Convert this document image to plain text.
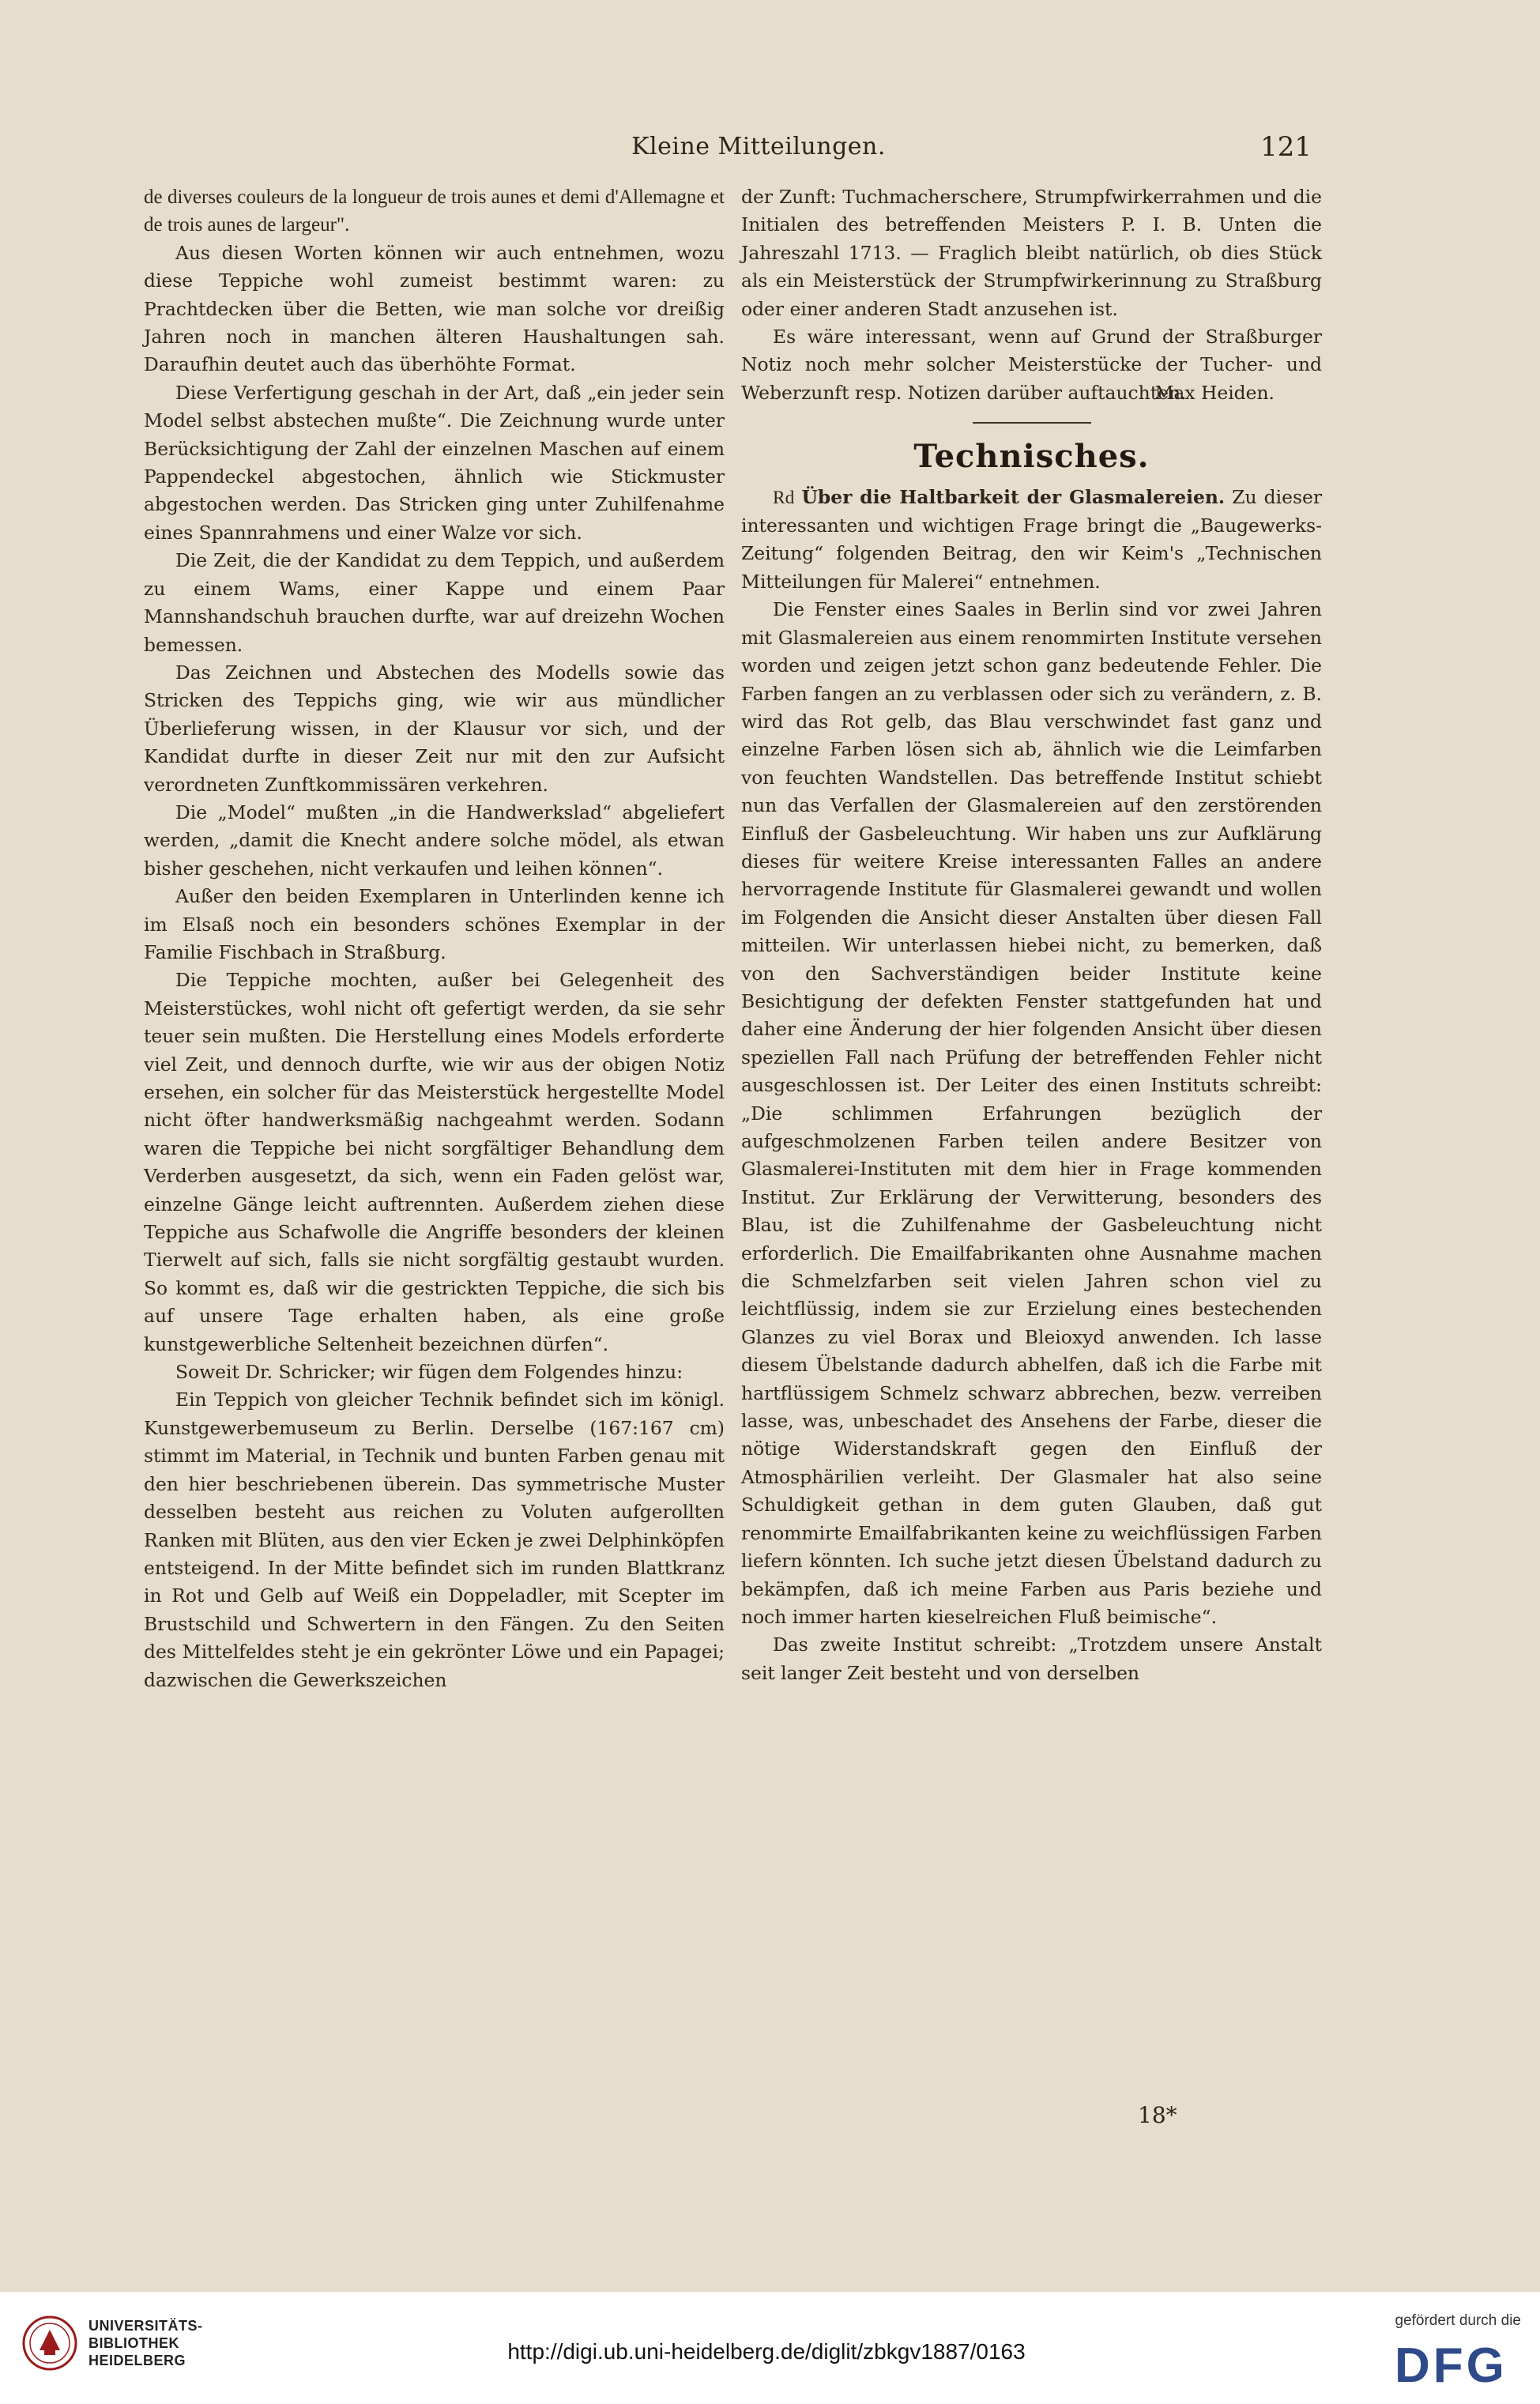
Kleine Mitteilungen.	121

de diverses couleurs de la longueur de trois aunes et demi d'Allemagne et de trois aunes de largeur".

Aus diesen Worten können wir auch entnehmen, wozu diese Teppiche wohl zumeist bestimmt waren: zu Prachtdecken über die Betten, wie man solche vor dreißig Jahren noch in manchen älteren Haushaltungen sah. Daraufhin deutet auch das überhöhte Format.

Diese Verfertigung geschah in der Art, daß „ein jeder sein Model selbst abstechen mußte“. Die Zeichnung wurde unter Berücksichtigung der Zahl der einzelnen Maschen auf einem Pappendeckel abgestochen, ähnlich wie Stickmuster abgestochen werden. Das Stricken ging unter Zuhilfenahme eines Spannrahmens und einer Walze vor sich.

Die Zeit, die der Kandidat zu dem Teppich, und außerdem zu einem Wams, einer Kappe und einem Paar Mannshandschuh brauchen durfte, war auf dreizehn Wochen bemessen.

Das Zeichnen und Abstechen des Modells sowie das Stricken des Teppichs ging, wie wir aus mündlicher Überlieferung wissen, in der Klausur vor sich, und der Kandidat durfte in dieser Zeit nur mit den zur Aufsicht verordneten Zunftkommissären verkehren.

Die „Model“ mußten „in die Handwerkslad“ abgeliefert werden, „damit die Knecht andere solche mödel, als etwan bisher geschehen, nicht verkaufen und leihen können“.

Außer den beiden Exemplaren in Unterlinden kenne ich im Elsaß noch ein besonders schönes Exemplar in der Familie Fischbach in Straßburg.

Die Teppiche mochten, außer bei Gelegenheit des Meisterstückes, wohl nicht oft gefertigt werden, da sie sehr teuer sein mußten. Die Herstellung eines Models erforderte viel Zeit, und dennoch durfte, wie wir aus der obigen Notiz ersehen, ein solcher für das Meisterstück hergestellte Model nicht öfter handwerksmäßig nachgeahmt werden. Sodann waren die Teppiche bei nicht sorgfältiger Behandlung dem Verderben ausgesetzt, da sich, wenn ein Faden gelöst war, einzelne Gänge leicht auftrennten. Außerdem ziehen diese Teppiche aus Schafwolle die Angriffe besonders der kleinen Tierwelt auf sich, falls sie nicht sorgfältig gestaubt wurden. So kommt es, daß wir die gestrickten Teppiche, die sich bis auf unsere Tage erhalten haben, als eine große kunstgewerbliche Seltenheit bezeichnen dürfen“.

Soweit Dr. Schricker; wir fügen dem Folgendes hinzu:

Ein Teppich von gleicher Technik befindet sich im königl. Kunstgewerbemuseum zu Berlin. Derselbe (167:167 cm) stimmt im Material, in Technik und bunten Farben genau mit den hier beschriebenen überein. Das symmetrische Muster desselben besteht aus reichen zu Voluten aufgerollten Ranken mit Blüten, aus den vier Ecken je zwei Delphinköpfen entsteigend. In der Mitte befindet sich im runden Blattkranz in Rot und Gelb auf Weiß ein Doppeladler, mit Scepter im Brustschild und Schwertern in den Fängen. Zu den Seiten des Mittelfeldes steht je ein gekrönter Löwe und ein Papagei; dazwischen die Gewerkszeichen

der Zunft: Tuchmacherschere, Strumpfwirkerrahmen und die Initialen des betreffenden Meisters P. I. B. Unten die Jahreszahl 1713. — Fraglich bleibt natürlich, ob dies Stück als ein Meisterstück der Strumpfwirkerinnung zu Straßburg oder einer anderen Stadt anzusehen ist.

Es wäre interessant, wenn auf Grund der Straßburger Notiz noch mehr solcher Meisterstücke der Tucher- und Weberzunft resp. Notizen darüber auftauchten.

Max Heiden.

Technisches.

Rd Über die Haltbarkeit der Glasmalereien. Zu dieser interessanten und wichtigen Frage bringt die „Baugewerks-Zeitung“ folgenden Beitrag, den wir Keim's „Technischen Mitteilungen für Malerei“ entnehmen.

Die Fenster eines Saales in Berlin sind vor zwei Jahren mit Glasmalereien aus einem renommirten Institute versehen worden und zeigen jetzt schon ganz bedeutende Fehler. Die Farben fangen an zu verblassen oder sich zu verändern, z. B. wird das Rot gelb, das Blau verschwindet fast ganz und einzelne Farben lösen sich ab, ähnlich wie die Leimfarben von feuchten Wandstellen. Das betreffende Institut schiebt nun das Verfallen der Glasmalereien auf den zerstörenden Einfluß der Gasbeleuchtung. Wir haben uns zur Aufklärung dieses für weitere Kreise interessanten Falles an andere hervorragende Institute für Glasmalerei gewandt und wollen im Folgenden die Ansicht dieser Anstalten über diesen Fall mitteilen. Wir unterlassen hiebei nicht, zu bemerken, daß von den Sachverständigen beider Institute keine Besichtigung der defekten Fenster stattgefunden hat und daher eine Änderung der hier folgenden Ansicht über diesen speziellen Fall nach Prüfung der betreffenden Fehler nicht ausgeschlossen ist. Der Leiter des einen Instituts schreibt: „Die schlimmen Erfahrungen bezüglich der aufgeschmolzenen Farben teilen andere Besitzer von Glasmalerei-Instituten mit dem hier in Frage kommenden Institut. Zur Erklärung der Verwitterung, besonders des Blau, ist die Zuhilfenahme der Gasbeleuchtung nicht erforderlich. Die Emailfabrikanten ohne Ausnahme machen die Schmelzfarben seit vielen Jahren schon viel zu leichtflüssig, indem sie zur Erzielung eines bestechenden Glanzes zu viel Borax und Bleioxyd anwenden. Ich lasse diesem Übelstande dadurch abhelfen, daß ich die Farbe mit hartflüssigem Schmelz schwarz abbrechen, bezw. verreiben lasse, was, unbeschadet des Ansehens der Farbe, dieser die nötige Widerstandskraft gegen den Einfluß der Atmosphärilien verleiht. Der Glasmaler hat also seine Schuldigkeit gethan in dem guten Glauben, daß gut renommirte Emailfabrikanten keine zu weichflüssigen Farben liefern könnten. Ich suche jetzt diesen Übelstand dadurch zu bekämpfen, daß ich meine Farben aus Paris beziehe und noch immer harten kieselreichen Fluß beimische“.

Das zweite Institut schreibt: „Trotzdem unsere Anstalt seit langer Zeit besteht und von derselben

18*
UNIVERSITÄTS-
BIBLIOTHEK
HEIDELBERG	http://digi.ub.uni-heidelberg.de/diglit/zbkgv1887/0163
gefördert durch die
DFG
